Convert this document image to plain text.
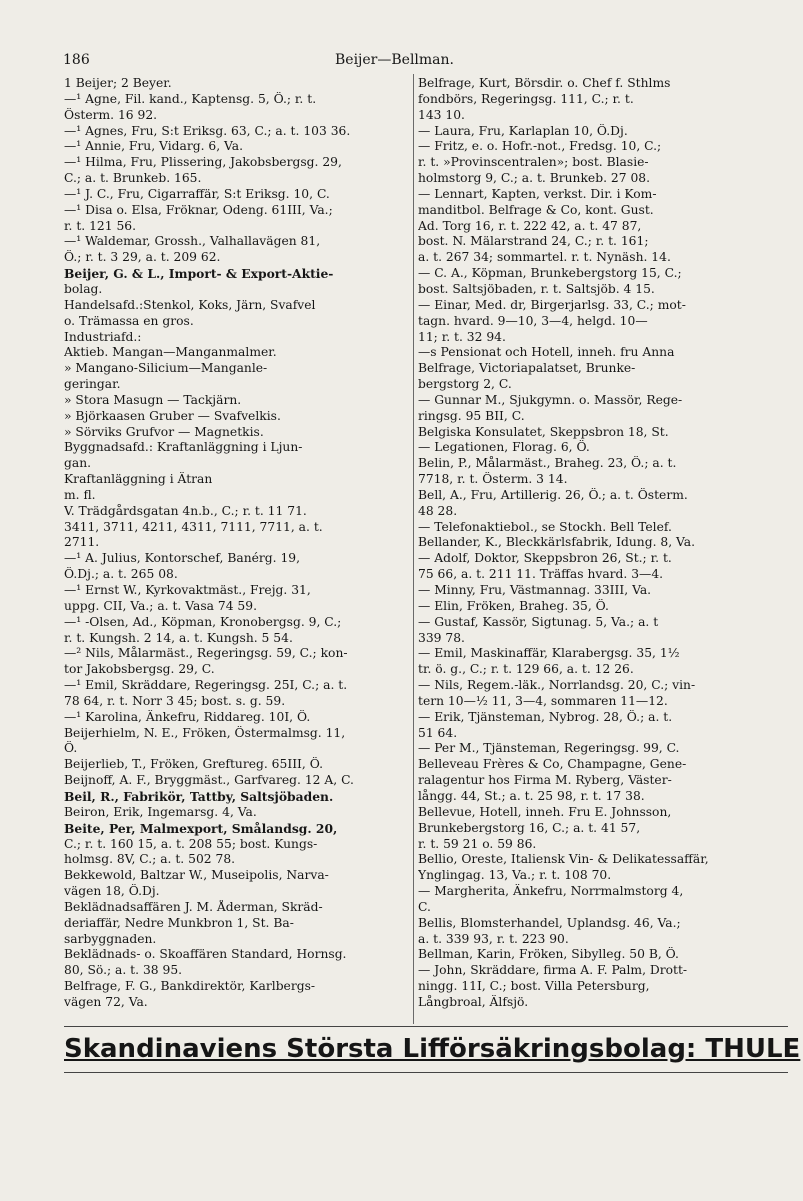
186	Beijer—Bellman.
1 Beijer; 2 Beyer.
—¹ Agne, Fil. kand., Kaptensg. 5, Ö.; r. t.
Österm. 16 92.
—¹ Agnes, Fru, S:t Eriksg. 63, C.; a. t. 103 36.
—¹ Annie, Fru, Vidarg. 6, Va.
—¹ Hilma, Fru, Plissering, Jakobsbergsg. 29,
C.; a. t. Brunkeb. 165.
—¹ J. C., Fru, Cigarraffär, S:t Eriksg. 10, C.
—¹ Disa o. Elsa, Fröknar, Odeng. 61III, Va.;
r. t. 121 56.
—¹ Waldemar, Grossh., Valhallavägen 81,
Ö.; r. t. 3 29, a. t. 209 62.
Beijer, G. & L., Import- & Export-Aktie-
bolag.
Handelsafd.:Stenkol, Koks, Järn, Svafvel
o. Trämassa en gros.
Industriafd.:
Aktieb. Mangan—Manganmalmer.
» Mangano-Silicium—Manganle-
geringar.
» Stora Masugn — Tackjärn.
» Björkaasen Gruber — Svafvelkis.
» Sörviks Grufvor — Magnetkis.
Byggnadsafd.: Kraftanläggning i Ljun-
gan.
Kraftanläggning i Ätran
m. fl.
V. Trädgårdsgatan 4n.b., C.; r. t. 11 71.
3411, 3711, 4211, 4311, 7111, 7711, a. t.
2711.
—¹ A. Julius, Kontorschef, Banérg. 19,
Ö.Dj.; a. t. 265 08.
—¹ Ernst W., Kyrkovaktmäst., Frejg. 31,
uppg. CII, Va.; a. t. Vasa 74 59.
—¹ -Olsen, Ad., Köpman, Kronobergsg. 9, C.;
r. t. Kungsh. 2 14, a. t. Kungsh. 5 54.
—² Nils, Målarmäst., Regeringsg. 59, C.; kon-
tor Jakobsbergsg. 29, C.
—¹ Emil, Skräddare, Regeringsg. 25I, C.; a. t.
78 64, r. t. Norr 3 45; bost. s. g. 59.
—¹ Karolina, Änkefru, Riddareg. 10I, Ö.
Beijerhielm, N. E., Fröken, Östermalmsg. 11,
Ö.
Beijerlieb, T., Fröken, Greftureg. 65III, Ö.
Beijnoff, A. F., Bryggmäst., Garfvareg. 12 A, C.
Beil, R., Fabrikör, Tattby, Saltsjöbaden.
Beiron, Erik, Ingemarsg. 4, Va.
Beite, Per, Malmexport, Smålandsg. 20,
C.; r. t. 160 15, a. t. 208 55; bost. Kungs-
holmsg. 8V, C.; a. t. 502 78.
Bekkewold, Baltzar W., Museipolis, Narva-
vägen 18, Ö.Dj.
Beklädnadsaffären J. M. Åderman, Skräd-
deriaffär, Nedre Munkbron 1, St. Ba-
sarbyggnaden.
Beklädnads- o. Skoaffären Standard, Hornsg.
80, Sö.; a. t. 38 95.
Belfrage, F. G., Bankdirektör, Karlbergs-
vägen 72, Va.
Belfrage, Kurt, Börsdir. o. Chef f. Sthlms
fondbörs, Regeringsg. 111, C.; r. t.
143 10.
— Laura, Fru, Karlaplan 10, Ö.Dj.
— Fritz, e. o. Hofr.-not., Fredsg. 10, C.;
r. t. »Provinscentralen»; bost. Blasie-
holmstorg 9, C.; a. t. Brunkeb. 27 08.
— Lennart, Kapten, verkst. Dir. i Kom-
manditbol. Belfrage & Co, kont. Gust.
Ad. Torg 16, r. t. 222 42, a. t. 47 87,
bost. N. Mälarstrand 24, C.; r. t. 161;
a. t. 267 34; sommartel. r. t. Nynäsh. 14.
— C. A., Köpman, Brunkebergstorg 15, C.;
bost. Saltsjöbaden, r. t. Saltsjöb. 4 15.
— Einar, Med. dr, Birgerjarlsg. 33, C.; mot-
tagn. hvard. 9—10, 3—4, helgd. 10—
11; r. t. 32 94.
—s Pensionat och Hotell, inneh. fru Anna
Belfrage, Victoriapalatset, Brunke-
bergstorg 2, C.
— Gunnar M., Sjukgymn. o. Massör, Rege-
ringsg. 95 BII, C.
Belgiska Konsulatet, Skeppsbron 18, St.
— Legationen, Florag. 6, Ö.
Belin, P., Målarmäst., Braheg. 23, Ö.; a. t.
7718, r. t. Österm. 3 14.
Bell, A., Fru, Artillerig. 26, Ö.; a. t. Österm.
48 28.
— Telefonaktiebol., se Stockh. Bell Telef.
Bellander, K., Bleckkärlsfabrik, Idung. 8, Va.
— Adolf, Doktor, Skeppsbron 26, St.; r. t.
75 66, a. t. 211 11. Träffas hvard. 3—4.
— Minny, Fru, Västmannag. 33III, Va.
— Elin, Fröken, Braheg. 35, Ö.
— Gustaf, Kassör, Sigtunag. 5, Va.; a. t
339 78.
— Emil, Maskinaffär, Klarabergsg. 35, 1½
tr. ö. g., C.; r. t. 129 66, a. t. 12 26.
— Nils, Regem.-läk., Norrlandsg. 20, C.; vin-
tern 10—½ 11, 3—4, sommaren 11—12.
— Erik, Tjänsteman, Nybrog. 28, Ö.; a. t.
51 64.
— Per M., Tjänsteman, Regeringsg. 99, C.
Belleveau Frères & Co, Champagne, Gene-
ralagentur hos Firma M. Ryberg, Väster-
långg. 44, St.; a. t. 25 98, r. t. 17 38.
Bellevue, Hotell, inneh. Fru E. Johnsson,
Brunkebergstorg 16, C.; a. t. 41 57,
r. t. 59 21 o. 59 86.
Bellio, Oreste, Italiensk Vin- & Delikatessaffär,
Ynglingag. 13, Va.; r. t. 108 70.
— Margherita, Änkefru, Norrmalmstorg 4,
C.
Bellis, Blomsterhandel, Uplandsg. 46, Va.;
a. t. 339 93, r. t. 223 90.
Bellman, Karin, Fröken, Sibylleg. 50 B, Ö.
— John, Skräddare, firma A. F. Palm, Drott-
ningg. 11I, C.; bost. Villa Petersburg,
Långbroal, Älfsjö.
Skandinaviens Största Lifförsäkringsbolag: THULE
